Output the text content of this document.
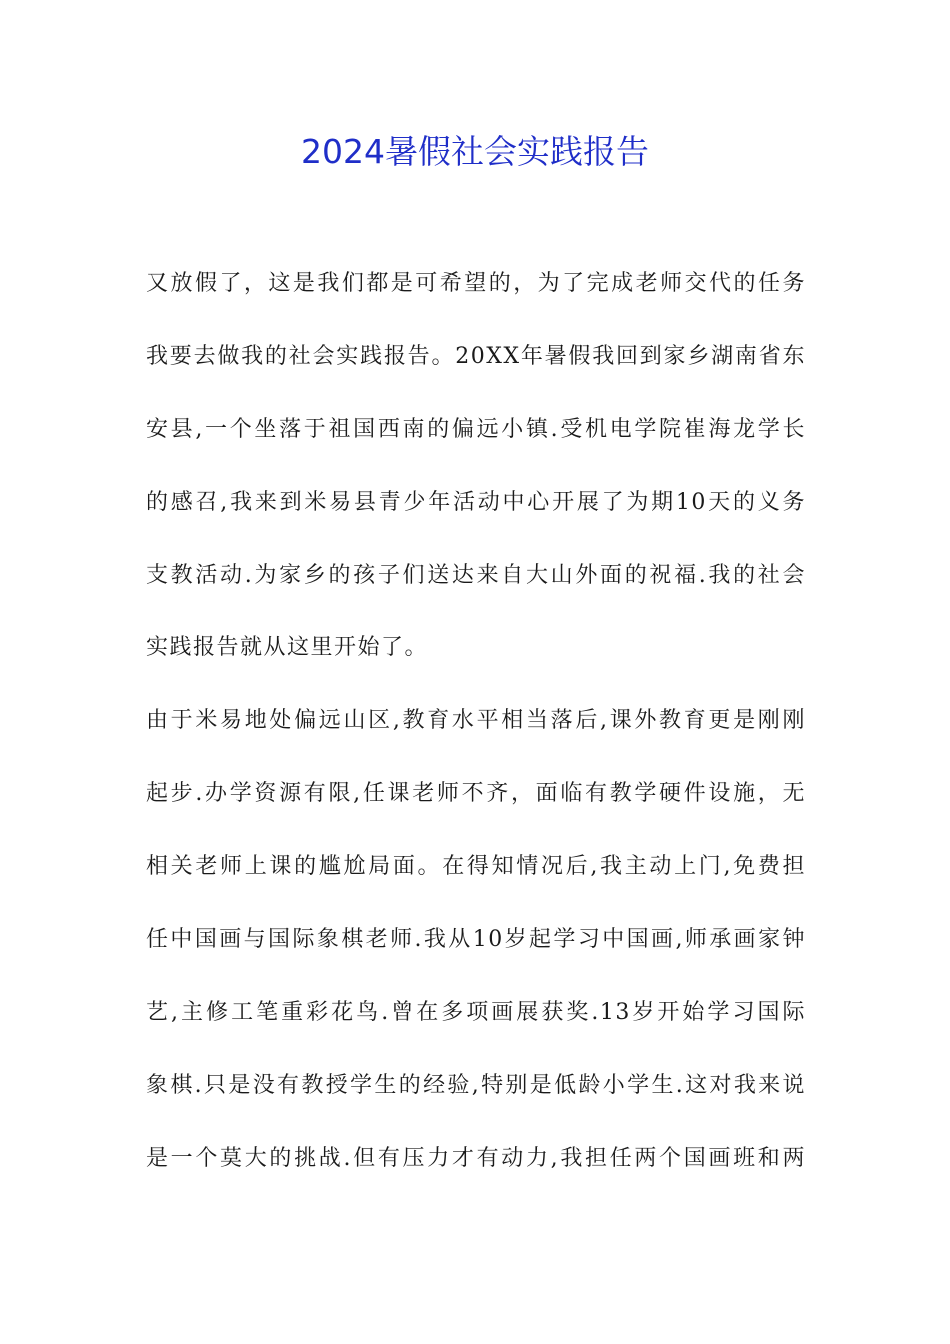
2024暑假社会实践报告
又放假了，这是我们都是可希望的，为了完成老师交代的任务
我要去做我的社会实践报告。20XX年暑假我回到家乡湖南省东
安县,一个坐落于祖国西南的偏远小镇.受机电学院崔海龙学长
的感召,我来到米易县青少年活动中心开展了为期10天的义务
支教活动.为家乡的孩子们送达来自大山外面的祝福.我的社会
实践报告就从这里开始了。
由于米易地处偏远山区,教育水平相当落后,课外教育更是刚刚
起步.办学资源有限,任课老师不齐，面临有教学硬件设施，无
相关老师上课的尴尬局面。在得知情况后,我主动上门,免费担
任中国画与国际象棋老师.我从10岁起学习中国画,师承画家钟
艺,主修工笔重彩花鸟.曾在多项画展获奖.13岁开始学习国际
象棋.只是没有教授学生的经验,特别是低龄小学生.这对我来说
是一个莫大的挑战.但有压力才有动力,我担任两个国画班和两
